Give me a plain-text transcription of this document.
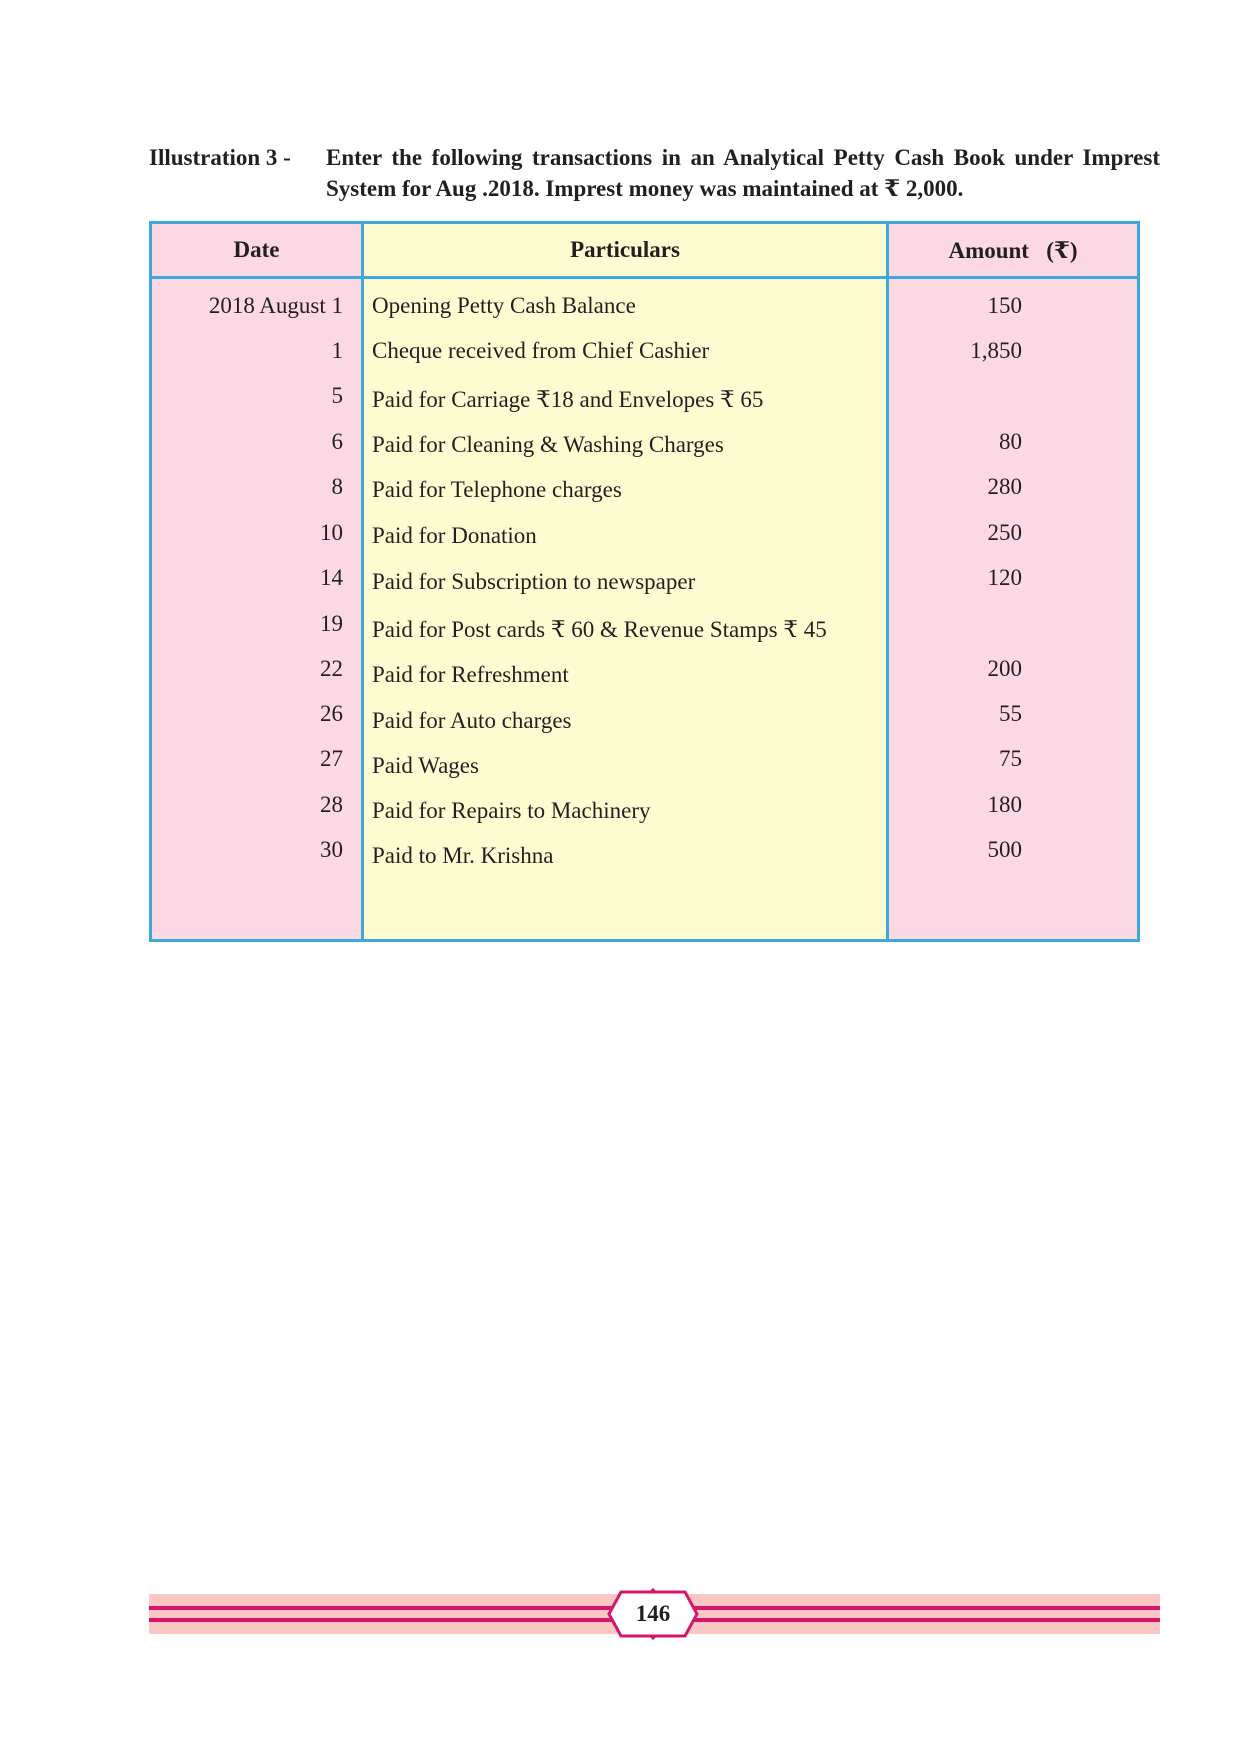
Illustration 3 -	Enter the following transactions in an Analytical Petty Cash Book under Imprest System for Aug .2018. Imprest money was maintained at ₹ 2,000.
Date
2018 August 1
1
5
6
8
10
14
19
22
26
27
28
30
Particulars
Opening Petty Cash Balance
Cheque received from Chief Cashier
Paid for Carriage ₹18 and Envelopes ₹ 65
Paid for Cleaning & Washing Charges
Paid for Telephone charges
Paid for Donation
Paid for Subscription to newspaper
Paid for Post cards ₹ 60 & Revenue Stamps ₹ 45
Paid for Refreshment
Paid for Auto charges
Paid Wages
Paid for Repairs to Machinery
Paid to Mr. Krishna
Amount   (₹)
150
1,850
80
280
250
120
200
55
75
180
500
146
